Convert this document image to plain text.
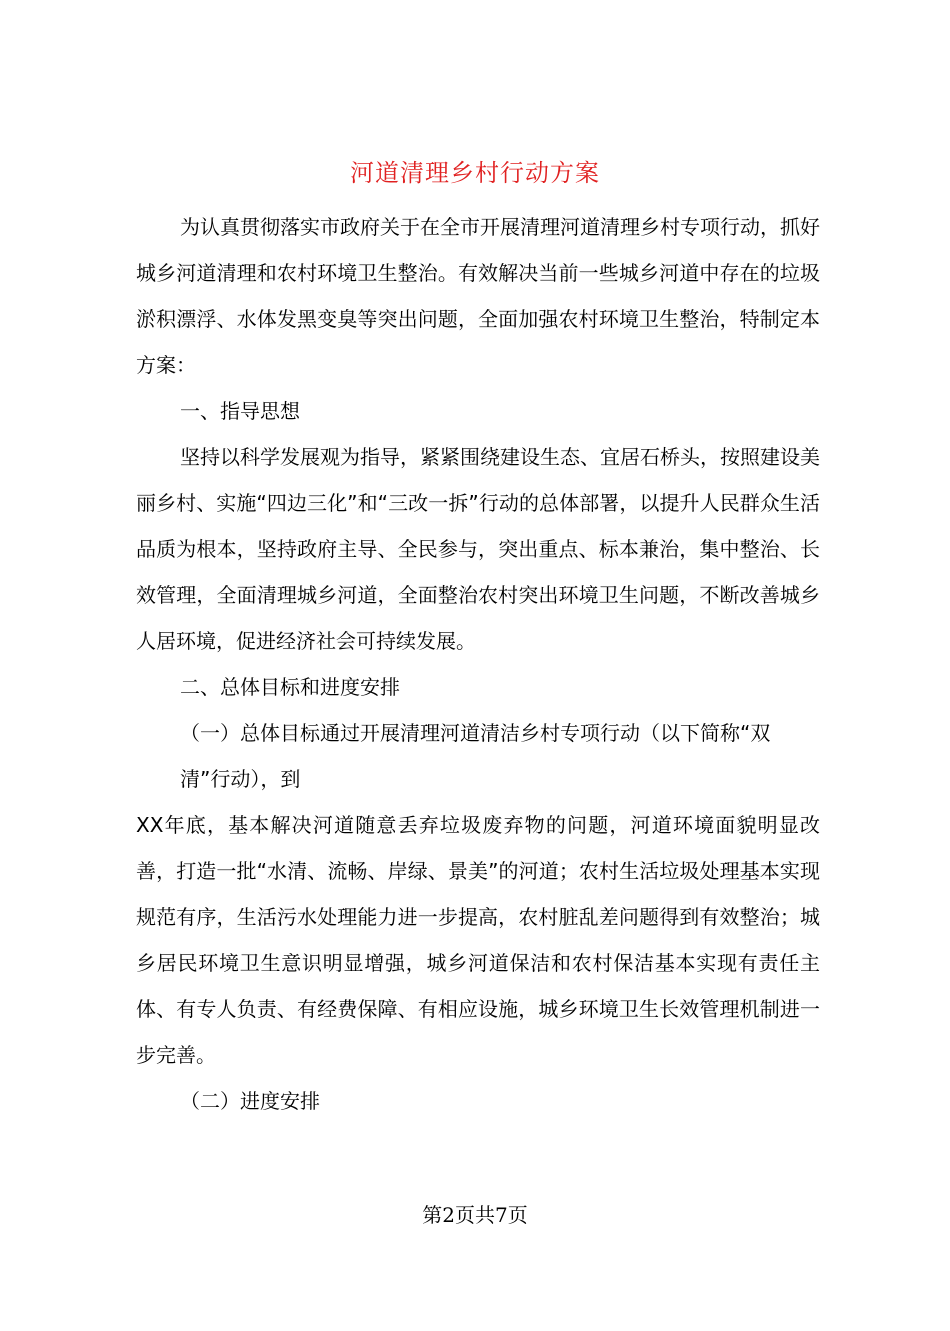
河道清理乡村行动方案

为认真贯彻落实市政府关于在全市开展清理河道清理乡村专项行动，抓好城乡河道清理和农村环境卫生整治。有效解决当前一些城乡河道中存在的垃圾淤积漂浮、水体发黑变臭等突出问题，全面加强农村环境卫生整治，特制定本方案：

一、指导思想

坚持以科学发展观为指导，紧紧围绕建设生态、宜居石桥头，按照建设美丽乡村、实施“四边三化”和“三改一拆”行动的总体部署，以提升人民群众生活品质为根本，坚持政府主导、全民参与，突出重点、标本兼治，集中整治、长效管理，全面清理城乡河道，全面整治农村突出环境卫生问题，不断改善城乡人居环境，促进经济社会可持续发展。

二、总体目标和进度安排

（一）总体目标通过开展清理河道清洁乡村专项行动（以下简称“双

清”行动），到

XX年底，基本解决河道随意丢弃垃圾废弃物的问题，河道环境面貌明显改善，打造一批“水清、流畅、岸绿、景美”的河道；农村生活垃圾处理基本实现规范有序，生活污水处理能力进一步提高，农村脏乱差问题得到有效整治；城乡居民环境卫生意识明显增强，城乡河道保洁和农村保洁基本实现有责任主体、有专人负责、有经费保障、有相应设施，城乡环境卫生长效管理机制进一步完善。

（二）进度安排

第2页共7页
